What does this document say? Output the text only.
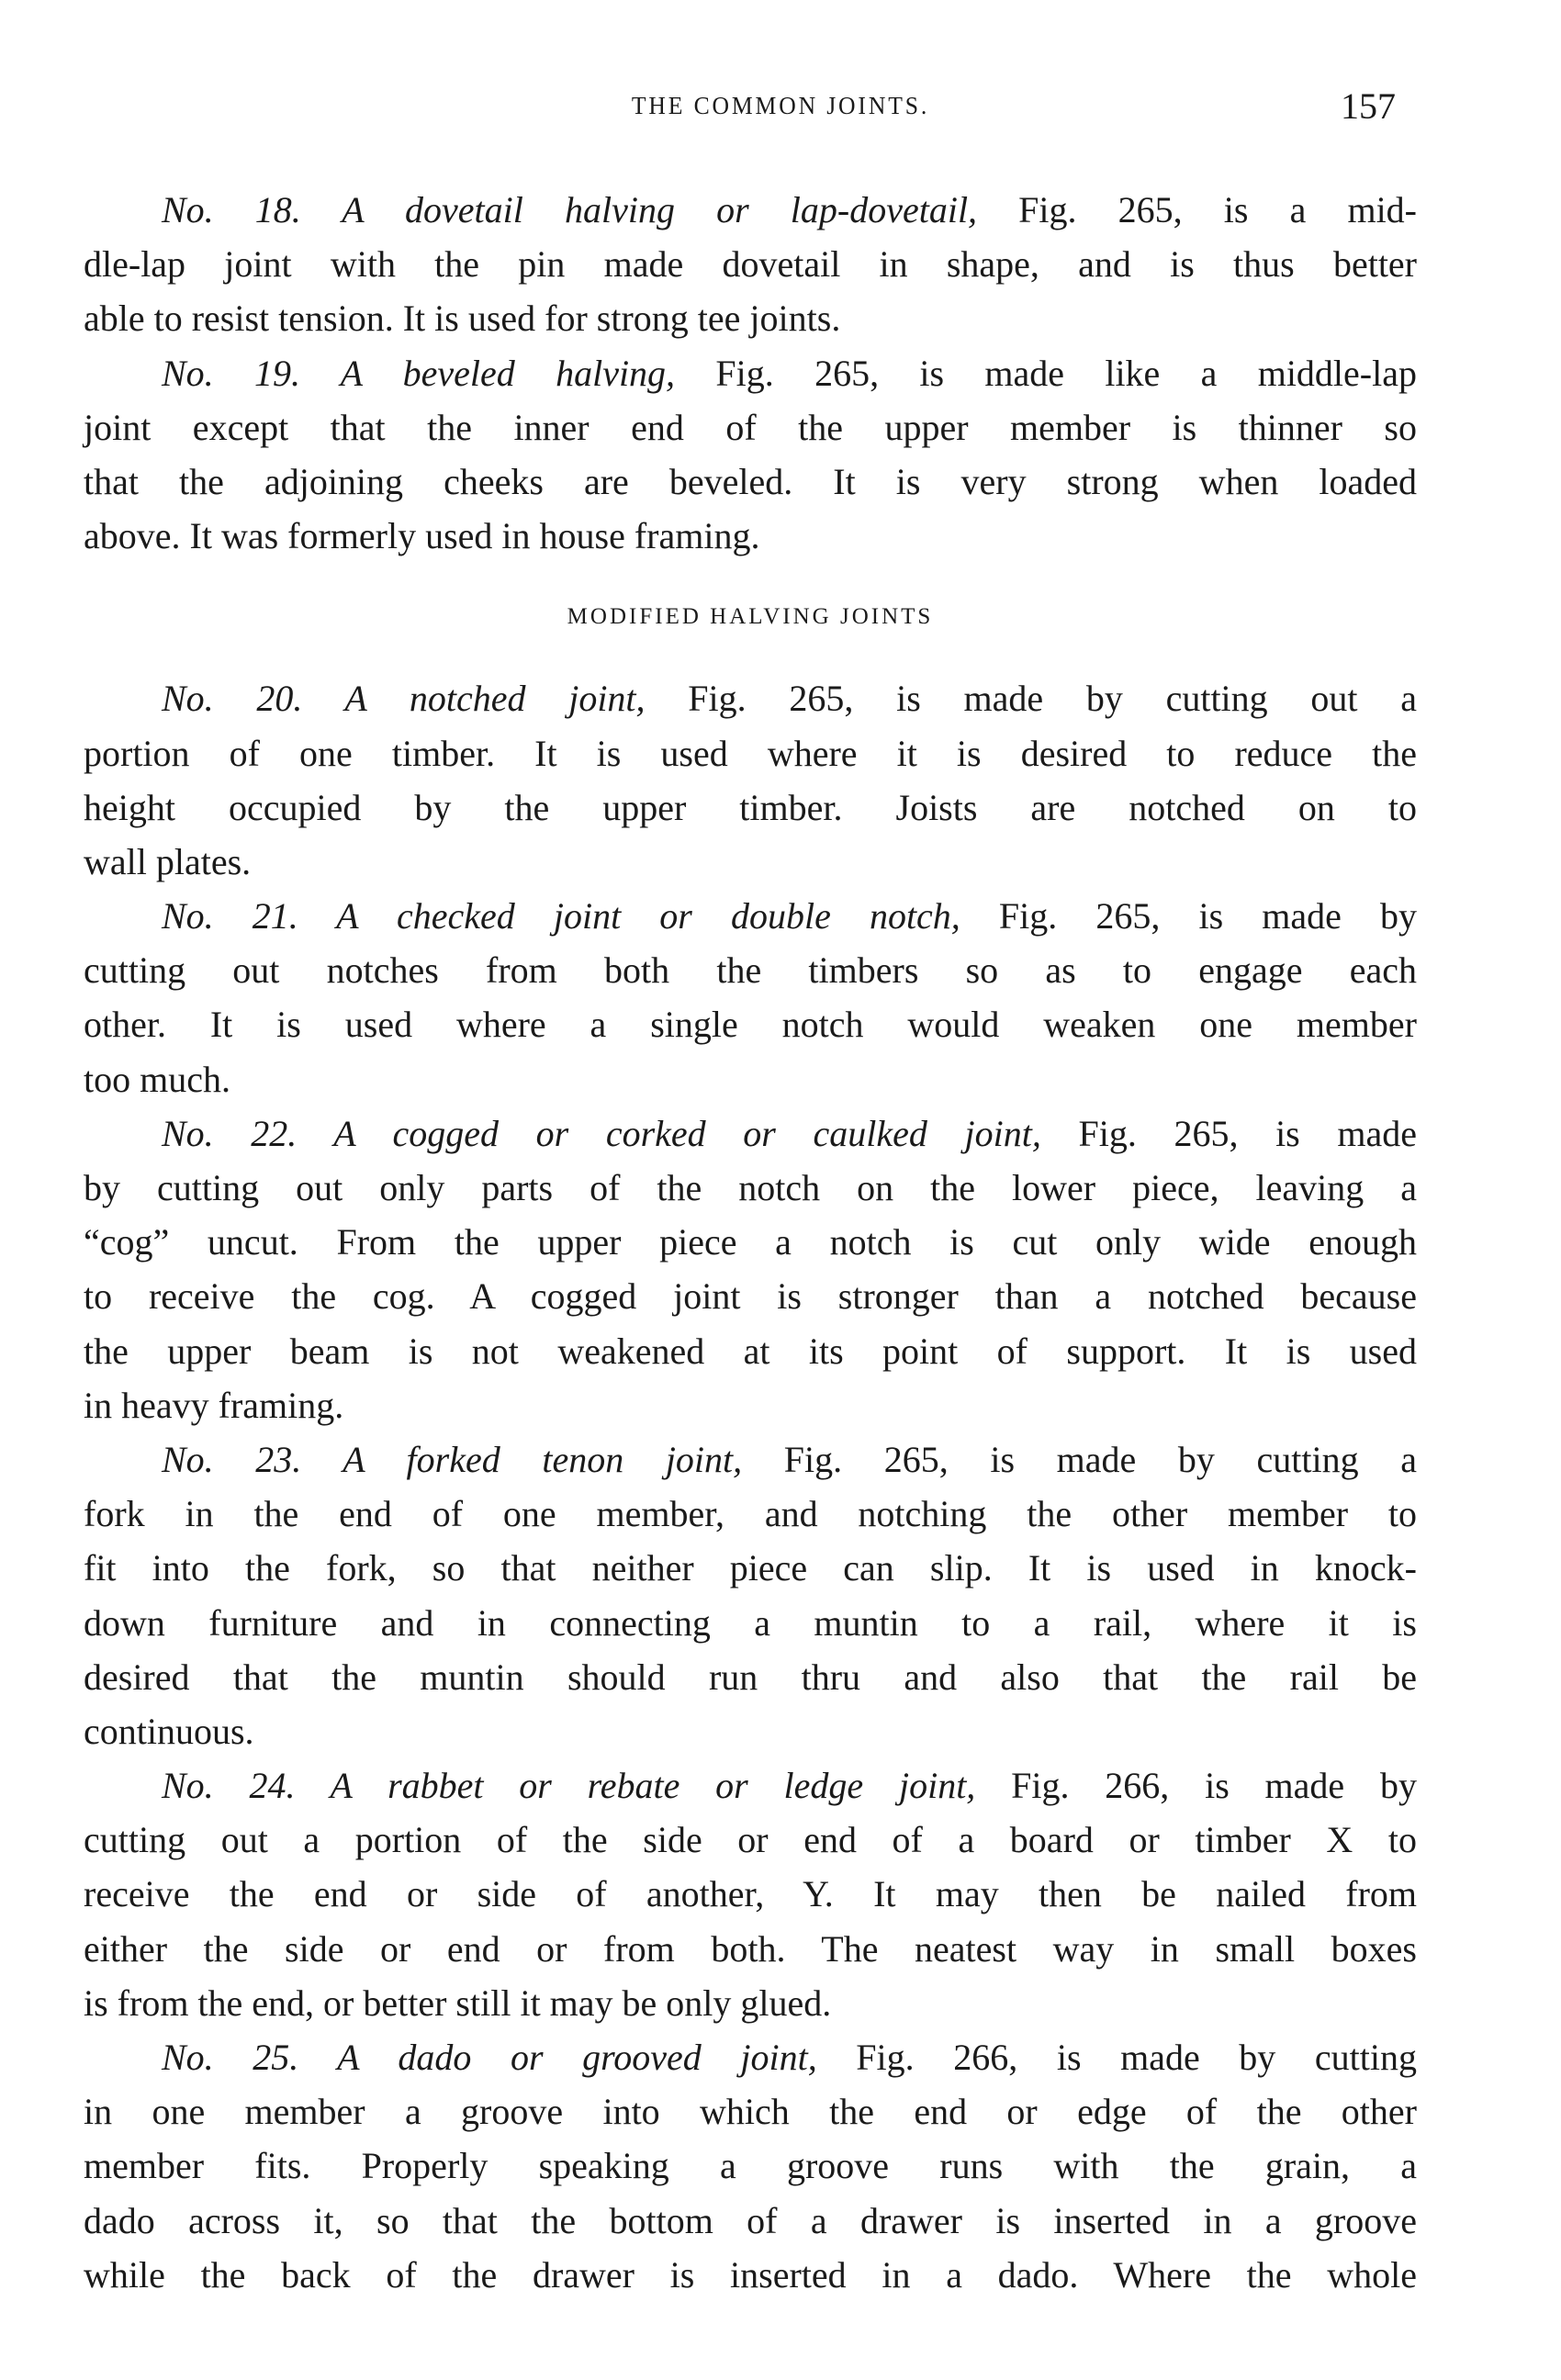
THE COMMON JOINTS.	157
No. 18. A dovetail halving or lap-dovetail, Fig. 265, is a mid-
dle-lap joint with the pin made dovetail in shape, and is thus better
able to resist tension. It is used for strong tee joints.
No. 19. A beveled halving, Fig. 265, is made like a middle-lap
joint except that the inner end of the upper member is thinner so
that the adjoining cheeks are beveled. It is very strong when loaded
above. It was formerly used in house framing.
MODIFIED HALVING JOINTS
No. 20. A notched joint, Fig. 265, is made by cutting out a
portion of one timber. It is used where it is desired to reduce the
height occupied by the upper timber. Joists are notched on to
wall plates.
No. 21. A checked joint or double notch, Fig. 265, is made by
cutting out notches from both the timbers so as to engage each
other. It is used where a single notch would weaken one member
too much.
No. 22. A cogged or corked or caulked joint, Fig. 265, is made
by cutting out only parts of the notch on the lower piece, leaving a
“cog” uncut. From the upper piece a notch is cut only wide enough
to receive the cog. A cogged joint is stronger than a notched because
the upper beam is not weakened at its point of support. It is used
in heavy framing.
No. 23. A forked tenon joint, Fig. 265, is made by cutting a
fork in the end of one member, and notching the other member to
fit into the fork, so that neither piece can slip. It is used in knock-
down furniture and in connecting a muntin to a rail, where it is
desired that the muntin should run thru and also that the rail be
continuous.
No. 24. A rabbet or rebate or ledge joint, Fig. 266, is made by
cutting out a portion of the side or end of a board or timber X to
receive the end or side of another, Y. It may then be nailed from
either the side or end or from both. The neatest way in small boxes
is from the end, or better still it may be only glued.
No. 25. A dado or grooved joint, Fig. 266, is made by cutting
in one member a groove into which the end or edge of the other
member fits. Properly speaking a groove runs with the grain, a
dado across it, so that the bottom of a drawer is inserted in a groove
while the back of the drawer is inserted in a dado. Where the whole
